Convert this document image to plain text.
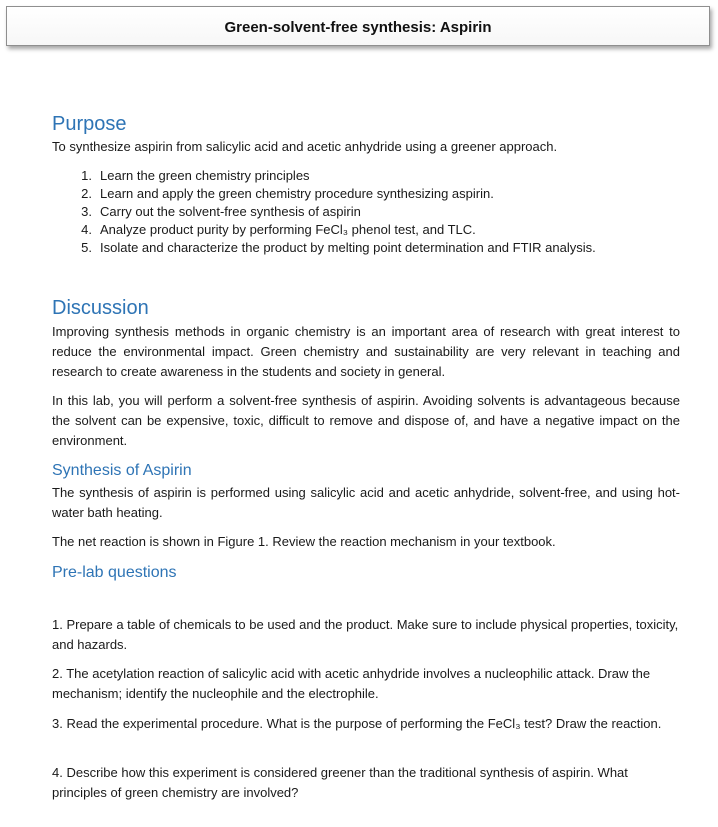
Green-solvent-free synthesis: Aspirin
Purpose

To synthesize aspirin from salicylic acid and acetic anhydride using a greener approach.

1. Learn the green chemistry principles
2. Learn and apply the green chemistry procedure synthesizing aspirin.
3. Carry out the solvent-free synthesis of aspirin
4. Analyze product purity by performing FeCl₃ phenol test, and TLC.
5. Isolate and characterize the product by melting point determination and FTIR analysis.
Discussion

Improving synthesis methods in organic chemistry is an important area of research with great interest to reduce the environmental impact. Green chemistry and sustainability are very relevant in teaching and research to create awareness in the students and society in general.

In this lab, you will perform a solvent-free synthesis of aspirin. Avoiding solvents is advantageous because the solvent can be expensive, toxic, difficult to remove and dispose of, and have a negative impact on the environment.

Synthesis of Aspirin

The synthesis of aspirin is performed using salicylic acid and acetic anhydride, solvent-free, and using hot-water bath heating.

The net reaction is shown in Figure 1. Review the reaction mechanism in your textbook.

Pre-lab questions

1. Prepare a table of chemicals to be used and the product. Make sure to include physical properties, toxicity, and hazards.

2. The acetylation reaction of salicylic acid with acetic anhydride involves a nucleophilic attack. Draw the mechanism; identify the nucleophile and the electrophile.

3. Read the experimental procedure. What is the purpose of performing the FeCl₃ test? Draw the reaction.

4. Describe how this experiment is considered greener than the traditional synthesis of aspirin. What principles of green chemistry are involved?
